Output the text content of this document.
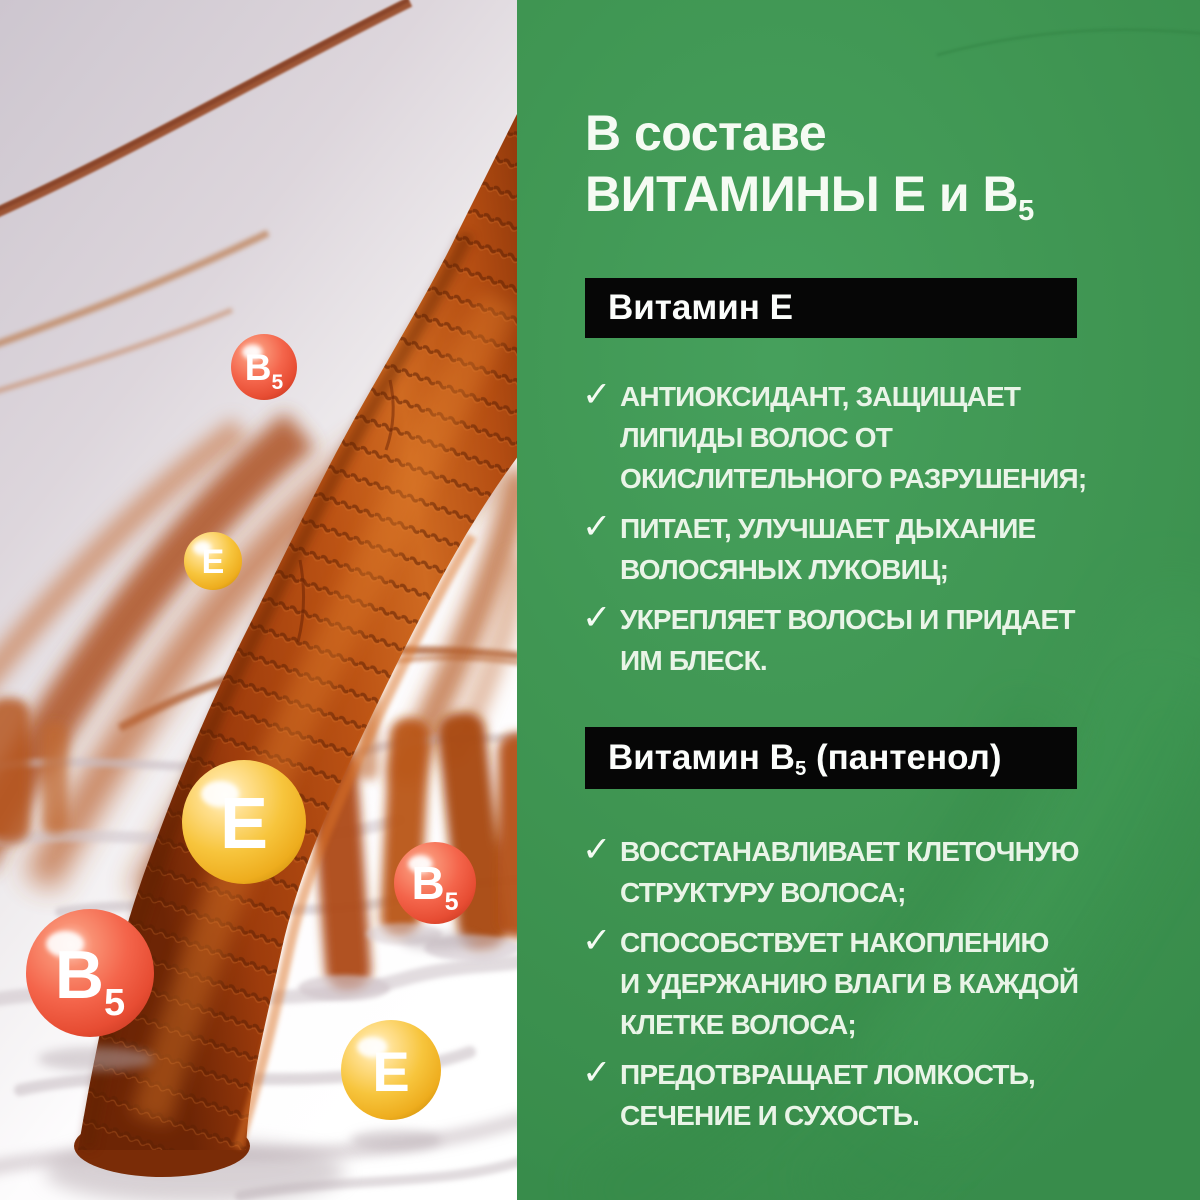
$B_5$
E
E
$B_5$
$B_5$
E
В составе
ВИТАМИНЫ Е и В5
Витамин Е
✓ АНТИОКСИДАНТ, ЗАЩИЩАЕТ
ЛИПИДЫ ВОЛОС ОТ
ОКИСЛИТЕЛЬНОГО РАЗРУШЕНИЯ;
✓ ПИТАЕТ, УЛУЧШАЕТ ДЫХАНИЕ
ВОЛОСЯНЫХ ЛУКОВИЦ;
✓ УКРЕПЛЯЕТ ВОЛОСЫ И ПРИДАЕТ
ИМ БЛЕСК.
Витамин В5 (пантенол)
✓ ВОССТАНАВЛИВАЕТ КЛЕТОЧНУЮ
СТРУКТУРУ ВОЛОСА;
✓ СПОСОБСТВУЕТ НАКОПЛЕНИЮ
И УДЕРЖАНИЮ ВЛАГИ В КАЖДОЙ
КЛЕТКЕ ВОЛОСА;
✓ ПРЕДОТВРАЩАЕТ ЛОМКОСТЬ,
СЕЧЕНИЕ И СУХОСТЬ.
